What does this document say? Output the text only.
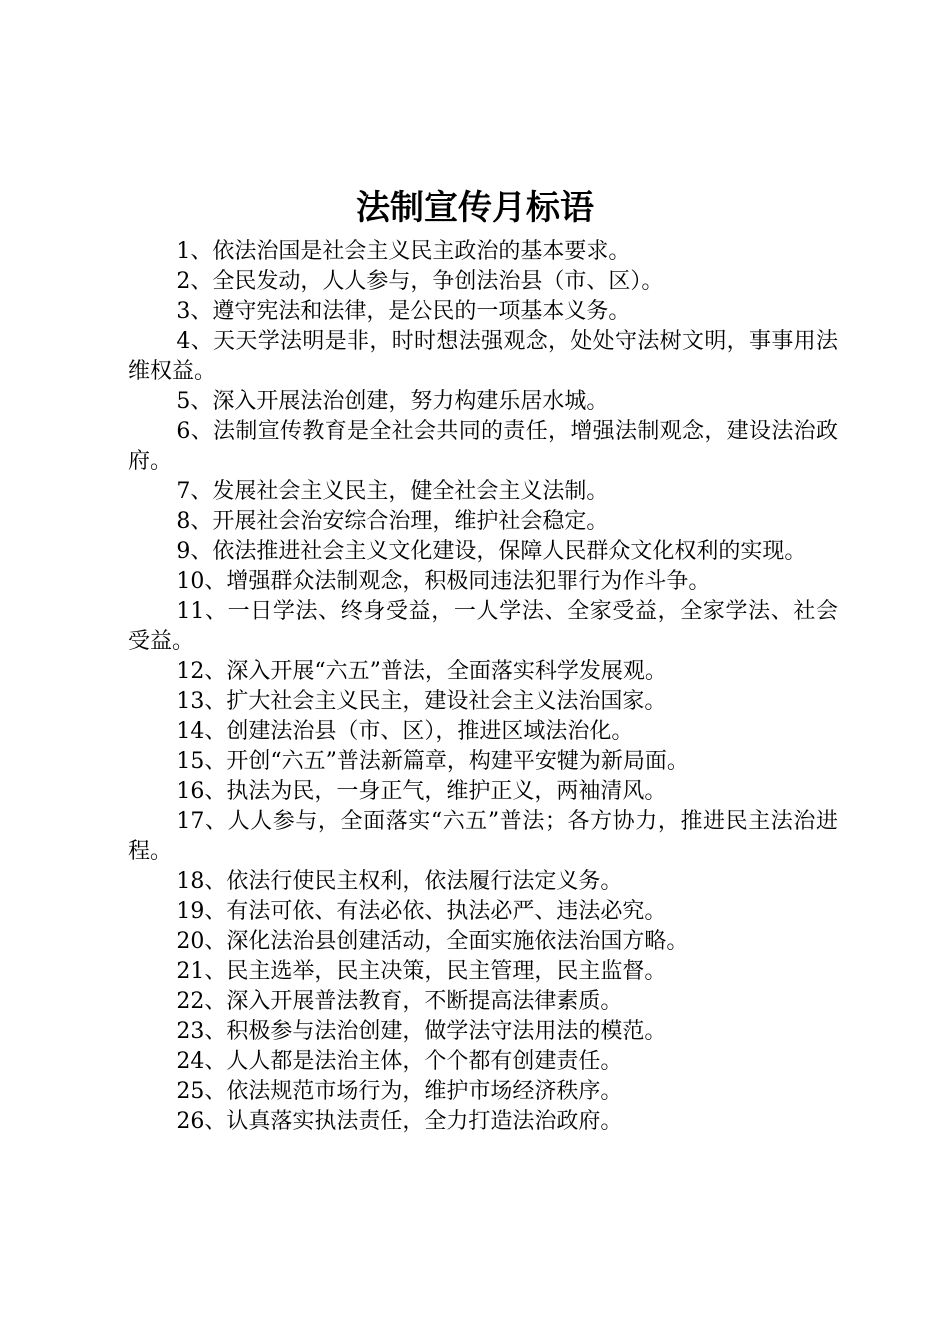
法制宣传月标语

1、依法治国是社会主义民主政治的基本要求。

2、全民发动，人人参与，争创法治县（市、区）。

3、遵守宪法和法律，是公民的一项基本义务。

4、天天学法明是非，时时想法强观念，处处守法树文明，事事用法维权益。

5、深入开展法治创建，努力构建乐居水城。

6、法制宣传教育是全社会共同的责任，增强法制观念，建设法治政府。

7、发展社会主义民主，健全社会主义法制。

8、开展社会治安综合治理，维护社会稳定。

9、依法推进社会主义文化建设，保障人民群众文化权利的实现。

10、增强群众法制观念，积极同违法犯罪行为作斗争。

11、一日学法、终身受益，一人学法、全家受益，全家学法、社会受益。

12、深入开展“六五”普法，全面落实科学发展观。

13、扩大社会主义民主，建设社会主义法治国家。

14、创建法治县（市、区），推进区域法治化。

15、开创“六五”普法新篇章，构建平安犍为新局面。

16、执法为民，一身正气，维护正义，两袖清风。

17、人人参与，全面落实“六五”普法；各方协力，推进民主法治进程。

18、依法行使民主权利，依法履行法定义务。

19、有法可依、有法必依、执法必严、违法必究。

20、深化法治县创建活动，全面实施依法治国方略。

21、民主选举，民主决策，民主管理，民主监督。

22、深入开展普法教育，不断提高法律素质。

23、积极参与法治创建，做学法守法用法的模范。

24、人人都是法治主体，个个都有创建责任。

25、依法规范市场行为，维护市场经济秩序。

26、认真落实执法责任，全力打造法治政府。
